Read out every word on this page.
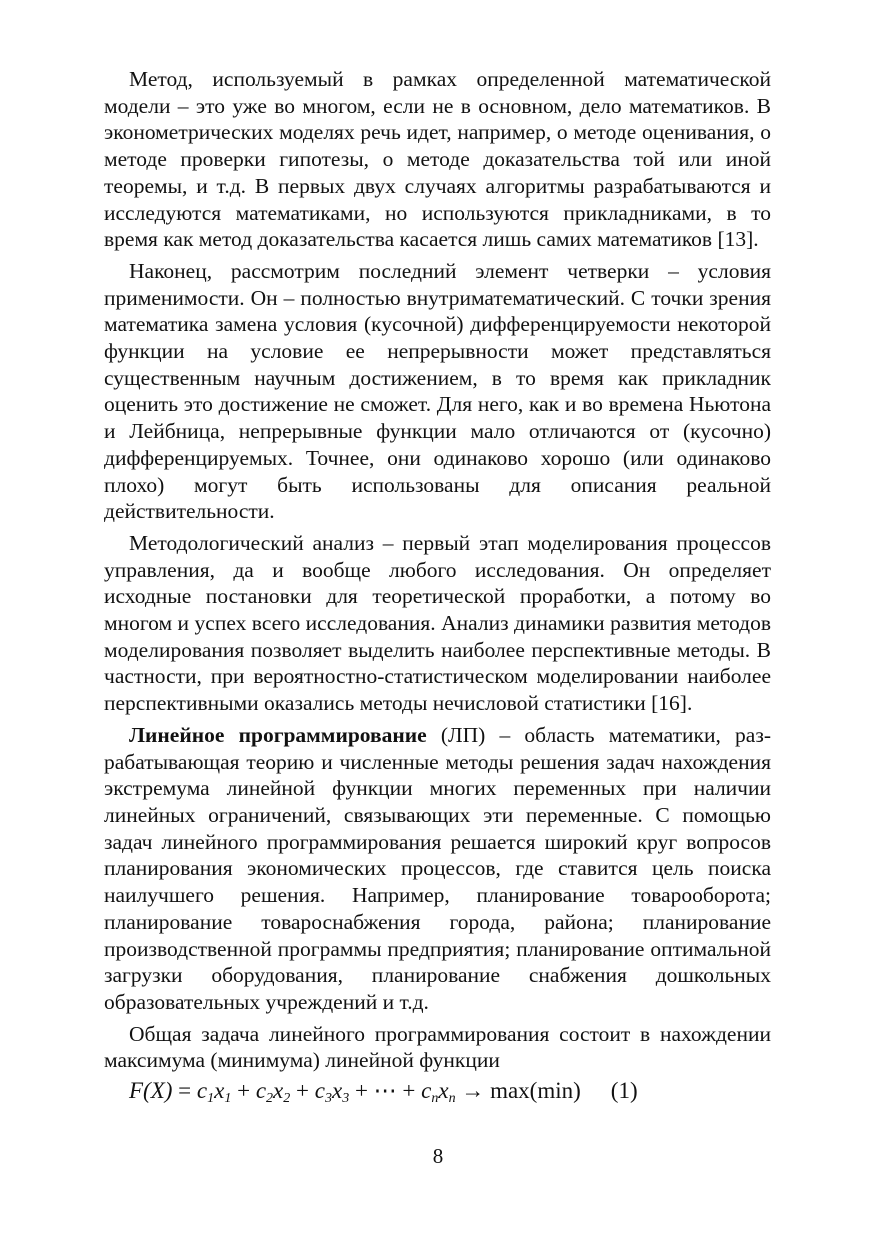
Метод, используемый в рамках определенной математической модели – это уже во многом, если не в основном, дело математиков. В эконометрических моделях речь идет, например, о методе оценивания, о методе проверки гипотезы, о методе доказательства той или иной теоремы, и т.д. В первых двух случаях алгоритмы разрабатываются и исследуются математиками, но используются прикладниками, в то время как метод доказательства касается лишь самих математиков [13].

Наконец, рассмотрим последний элемент четверки – условия применимости. Он – полностью внутриматематический. С точки зрения математика замена условия (кусочной) дифференцируемости некоторой функции на условие ее непрерывности может представляться существенным научным достижением, в то время как прикладник оценить это достижение не сможет. Для него, как и во времена Ньютона и Лейбница, непрерывные функции мало отличаются от (кусочно) дифференцируемых. Точнее, они одинаково хорошо (или одинаково плохо) могут быть использованы для описания реальной действительности.

Методологический анализ – первый этап моделирования процессов управления, да и вообще любого исследования. Он определяет исходные постановки для теоретической проработки, а потому во многом и успех всего исследования. Анализ динамики развития методов моделирования позволяет выделить наиболее перспективные методы. В частности, при вероятностно-статистическом моделировании наиболее перспективными оказались методы нечисловой статистики [16].

Линейное программирование (ЛП) – область математики, разрабатывающая теорию и численные методы решения задач нахождения экстремума линейной функции многих переменных при наличии линейных ограничений, связывающих эти переменные. С помощью задач линейного программирования решается широкий круг вопросов планирования экономических процессов, где ставится цель поиска наилучшего решения. Например, планирование товарооборота; планирование товароснабжения города, района; планирование производственной программы предприятия; планирование оптимальной загрузки оборудования, планирование снабжения дошкольных образовательных учреждений и т.д.

Общая задача линейного программирования состоит в нахождении максимума (минимума) линейной функции

$F(X) = c_1x_1 + c_2x_2 + c_3x_3$ + ⋯ + $c_nx_n \to \max(\min)$ (1)
8
